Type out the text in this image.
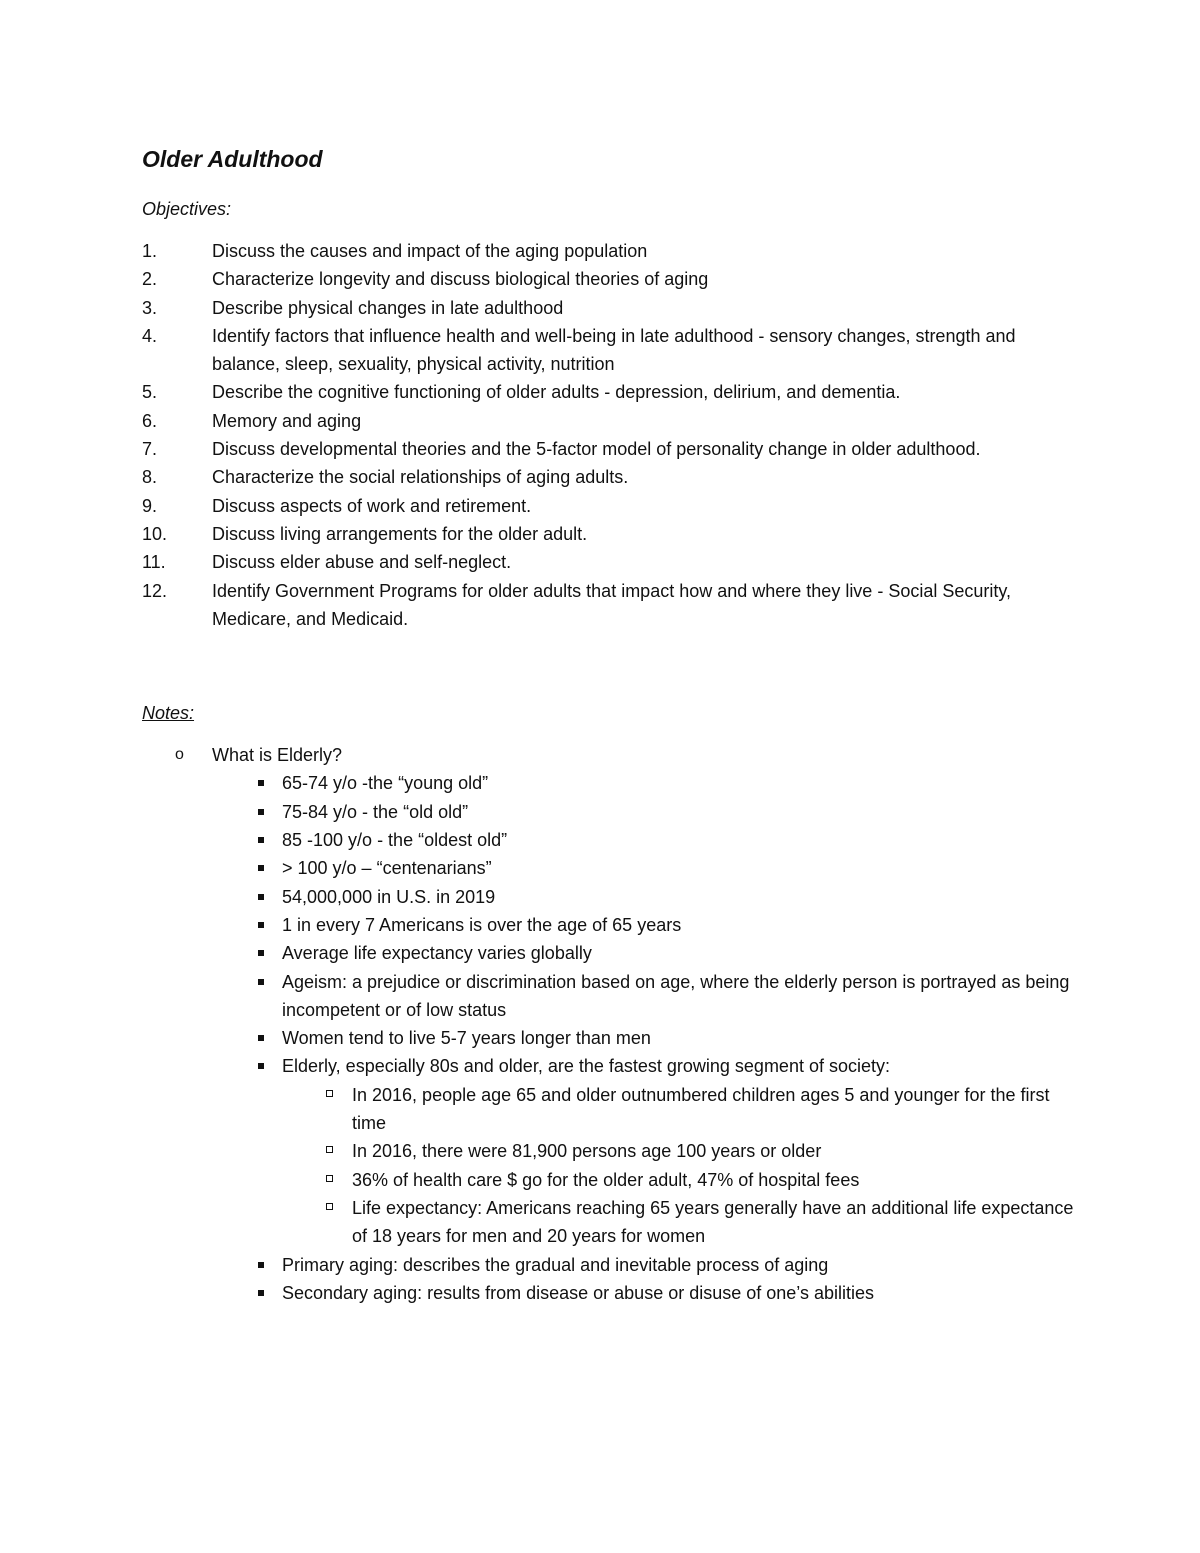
Older Adulthood
Objectives:
1.	Discuss the causes and impact of the aging population
2.	Characterize longevity and discuss biological theories of aging
3.	Describe physical changes in late adulthood
4.	Identify factors that influence health and well-being in late adulthood - sensory changes, strength and balance, sleep, sexuality, physical activity, nutrition
5.	Describe the cognitive functioning of older adults - depression, delirium, and dementia.
6.	Memory and aging
7.	Discuss developmental theories and the 5-factor model of personality change in older adulthood.
8.	Characterize the social relationships of aging adults.
9.	Discuss aspects of work and retirement.
10.	Discuss living arrangements for the older adult.
11.	Discuss elder abuse and self-neglect.
12.	Identify Government Programs for older adults that impact how and where they live - Social Security, Medicare, and Medicaid.
Notes:
o What is Elderly?
65-74 y/o -the “young old”
75-84 y/o - the “old old”
85 -100 y/o - the “oldest old”
> 100 y/o – “centenarians”
54,000,000 in U.S. in 2019
1 in every 7 Americans is over the age of 65 years
Average life expectancy varies globally
Ageism: a prejudice or discrimination based on age, where the elderly person is portrayed as being incompetent or of low status
Women tend to live 5-7 years longer than men
Elderly, especially 80s and older, are the fastest growing segment of society:
In 2016, people age 65 and older outnumbered children ages 5 and younger for the first time
In 2016, there were 81,900 persons age 100 years or older
36% of health care $ go for the older adult, 47% of hospital fees
Life expectancy: Americans reaching 65 years generally have an additional life expectance of 18 years for men and 20 years for women
Primary aging: describes the gradual and inevitable process of aging
Secondary aging: results from disease or abuse or disuse of one’s abilities
